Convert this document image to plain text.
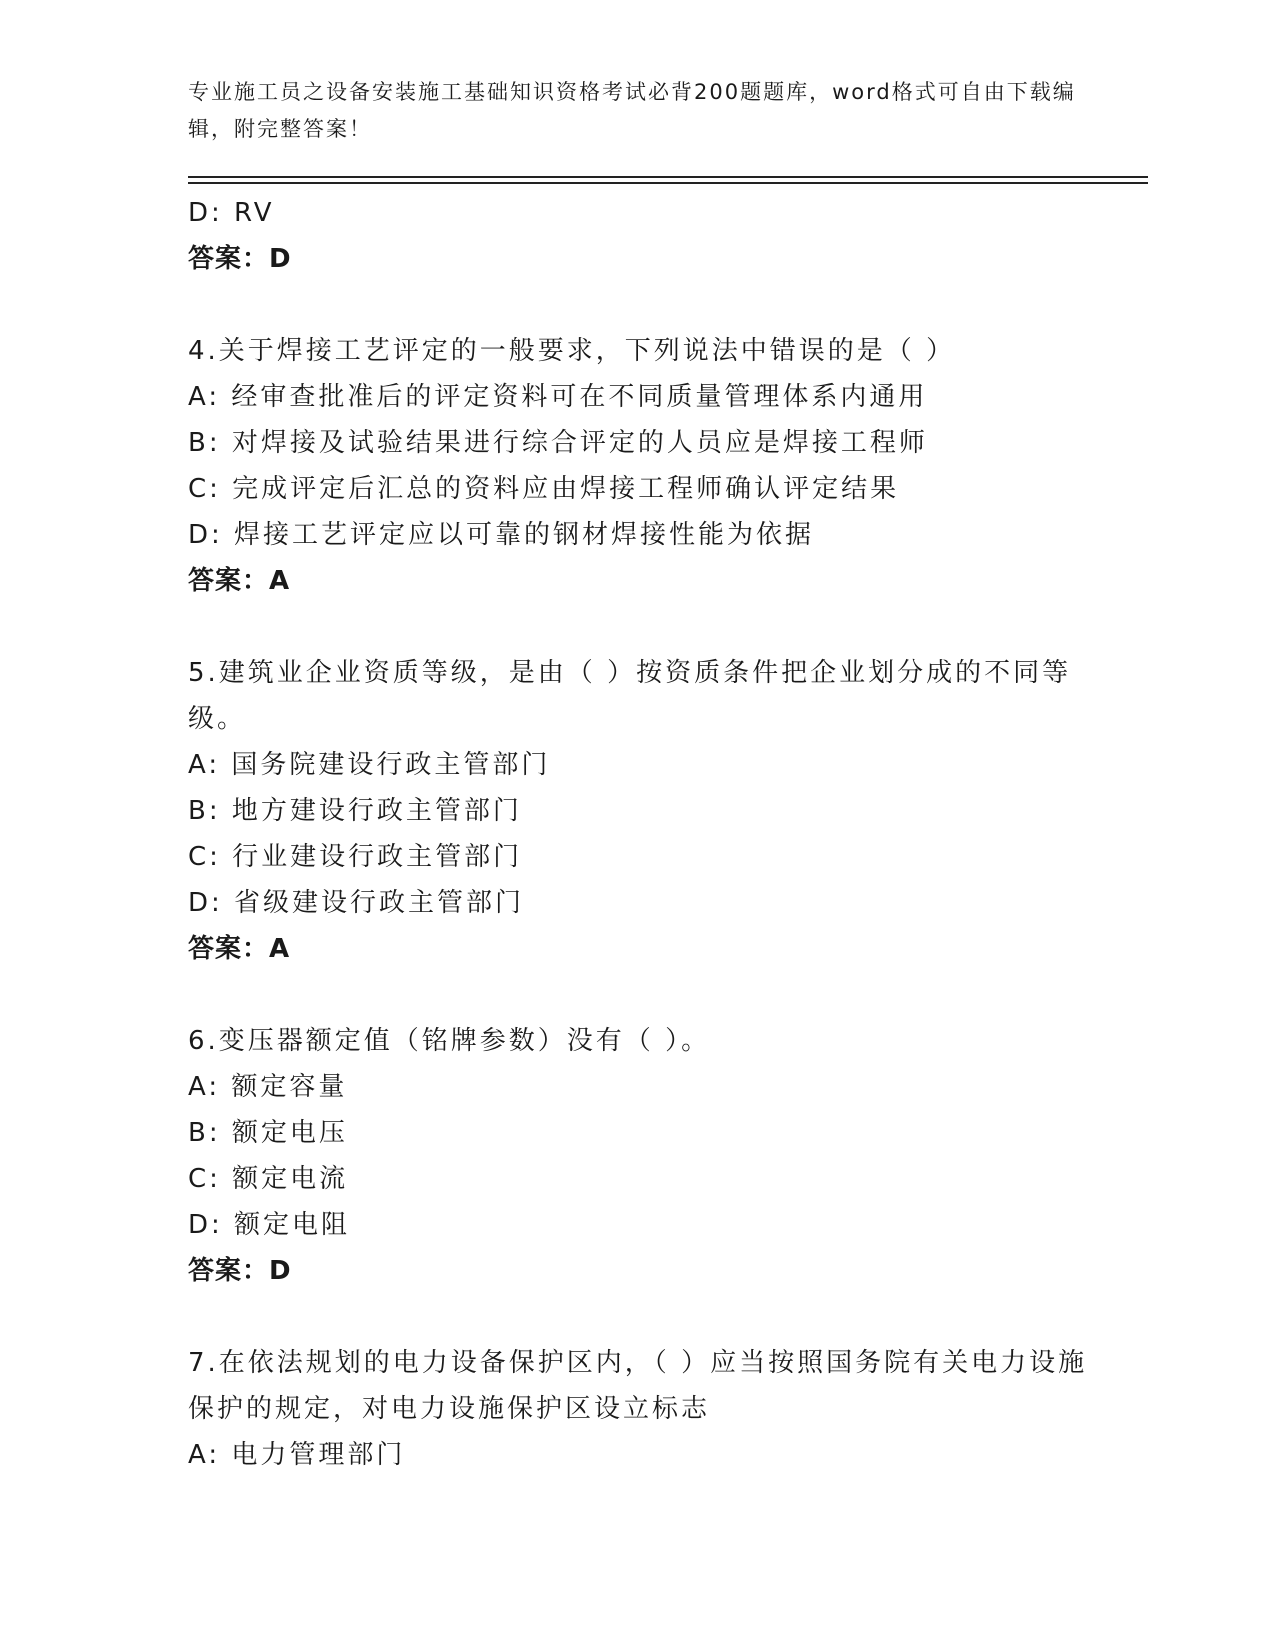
专业施工员之设备安装施工基础知识资格考试必背200题题库，word格式可自由下载编辑，附完整答案！
D: RV
答案：D
4.关于焊接工艺评定的一般要求，下列说法中错误的是（ ）
A: 经审查批准后的评定资料可在不同质量管理体系内通用
B: 对焊接及试验结果进行综合评定的人员应是焊接工程师
C: 完成评定后汇总的资料应由焊接工程师确认评定结果
D: 焊接工艺评定应以可靠的钢材焊接性能为依据
答案：A
5.建筑业企业资质等级，是由（ ）按资质条件把企业划分成的不同等级。
A: 国务院建设行政主管部门
B: 地方建设行政主管部门
C: 行业建设行政主管部门
D: 省级建设行政主管部门
答案：A
6.变压器额定值（铭牌参数）没有（ ）。
A: 额定容量
B: 额定电压
C: 额定电流
D: 额定电阻
答案：D
7.在依法规划的电力设备保护区内，（ ）应当按照国务院有关电力设施保护的规定，对电力设施保护区设立标志
A: 电力管理部门
